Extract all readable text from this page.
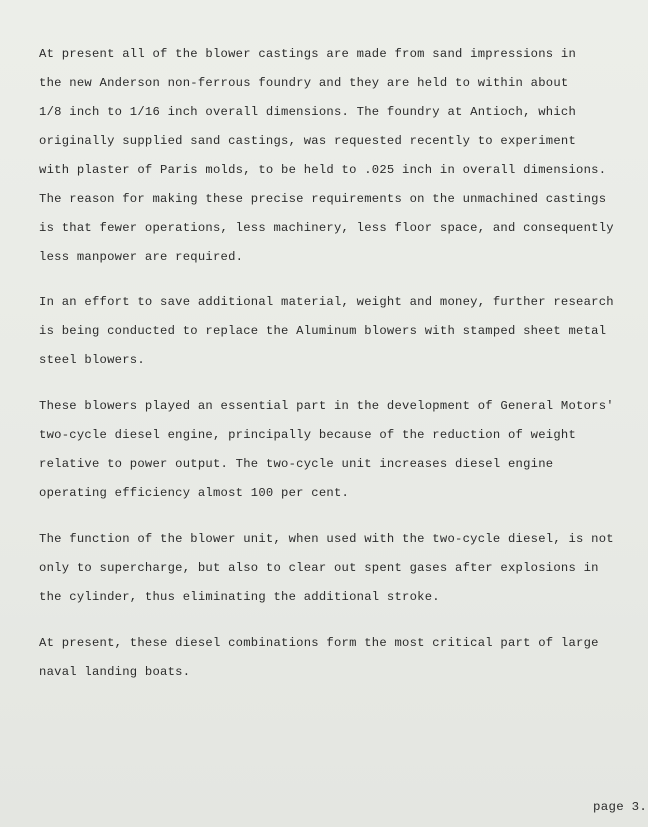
At present all of the blower castings are made from sand impressions in
the new Anderson non-ferrous foundry and they are held to within about
1/8 inch to 1/16 inch overall dimensions. The foundry at Antioch, which
originally supplied sand castings, was requested recently to experiment
with plaster of Paris molds, to be held to .025 inch in overall dimensions.
The reason for making these precise requirements on the unmachined castings
is that fewer operations, less machinery, less floor space, and consequently
less manpower are required.

In an effort to save additional material, weight and money, further research
is being conducted to replace the Aluminum blowers with stamped sheet metal
steel blowers.

These blowers played an essential part in the development of General Motors'
two-cycle diesel engine, principally because of the reduction of weight
relative to power output. The two-cycle unit increases diesel engine
operating efficiency almost 100 per cent.

The function of the blower unit, when used with the two-cycle diesel, is not
only to supercharge, but also to clear out spent gases after explosions in
the cylinder, thus eliminating the additional stroke.

At present, these diesel combinations form the most critical part of large
naval landing boats.

page 3.
